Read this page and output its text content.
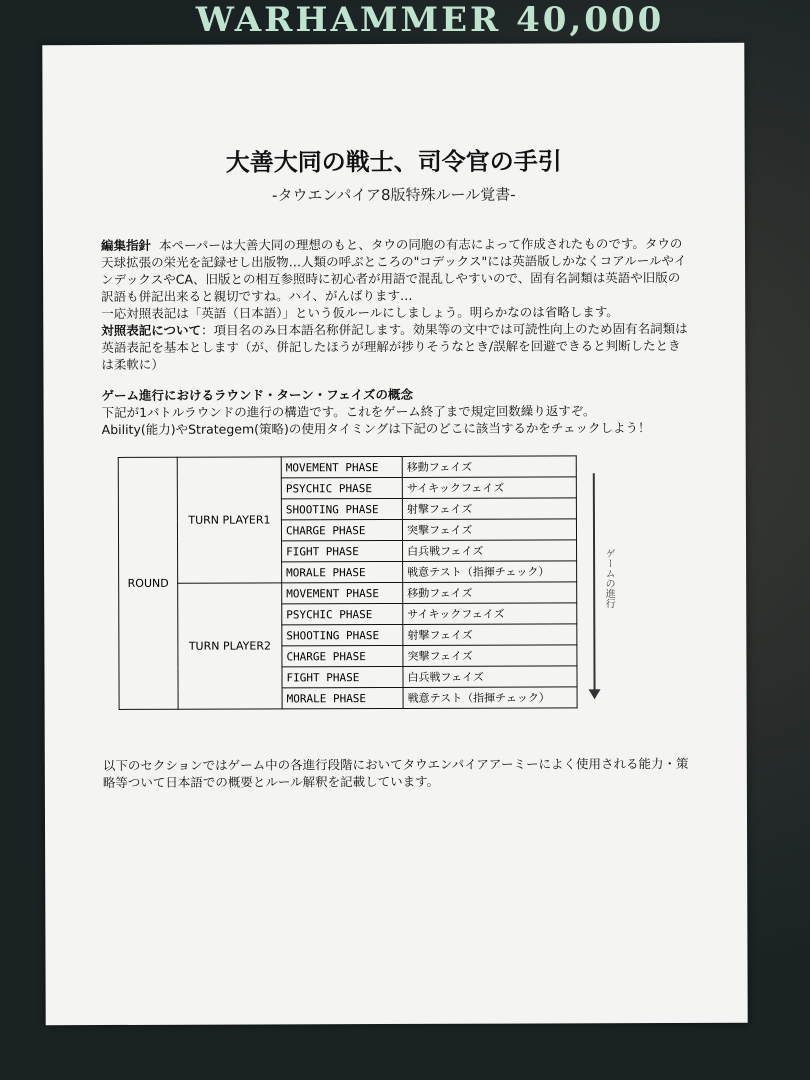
WARHAMMER 40,000
大善大同の戦士、司令官の手引
-タウエンパイア8版特殊ルール覚書-
編集指針 本ペーパーは大善大同の理想のもと、タウの同胞の有志によって作成されたものです。タウの天球拡張の栄光を記録せし出版物…人類の呼ぶところの"コデックス"には英語版しかなくコアルールやインデックスやCA、旧版との相互参照時に初心者が用語で混乱しやすいので、固有名詞類は英語や旧版の訳語も併記出来ると親切ですね。ハイ、がんばります…
一応対照表記は「英語（日本語）」という仮ルールにしましょう。明らかなのは省略します。
対照表記について：項目名のみ日本語名称併記します。効果等の文中では可読性向上のため固有名詞類は英語表記を基本とします（が、併記したほうが理解が捗りそうなとき/誤解を回避できると判断したときは柔軟に）
ゲーム進行におけるラウンド・ターン・フェイズの概念
下記が1バトルラウンドの進行の構造です。これをゲーム終了まで規定回数繰り返すぞ。
Ability(能力)やStrategem(策略)の使用タイミングは下記のどこに該当するかをチェックしよう！
ROUND	TURN PLAYER1	MOVEMENT PHASE	移動フェイズ
		PSYCHIC PHASE	サイキックフェイズ
		SHOOTING PHASE	射撃フェイズ
		CHARGE PHASE	突撃フェイズ
		FIGHT PHASE	白兵戦フェイズ
		MORALE PHASE	戦意テスト（指揮チェック）
	TURN PLAYER2	MOVEMENT PHASE	移動フェイズ
		PSYCHIC PHASE	サイキックフェイズ
		SHOOTING PHASE	射撃フェイズ
		CHARGE PHASE	突撃フェイズ
		FIGHT PHASE	白兵戦フェイズ
		MORALE PHASE	戦意テスト（指揮チェック）
ゲームの進行
以下のセクションではゲーム中の各進行段階においてタウエンパイアアーミーによく使用される能力・策略等ついて日本語での概要とルール解釈を記載しています。
